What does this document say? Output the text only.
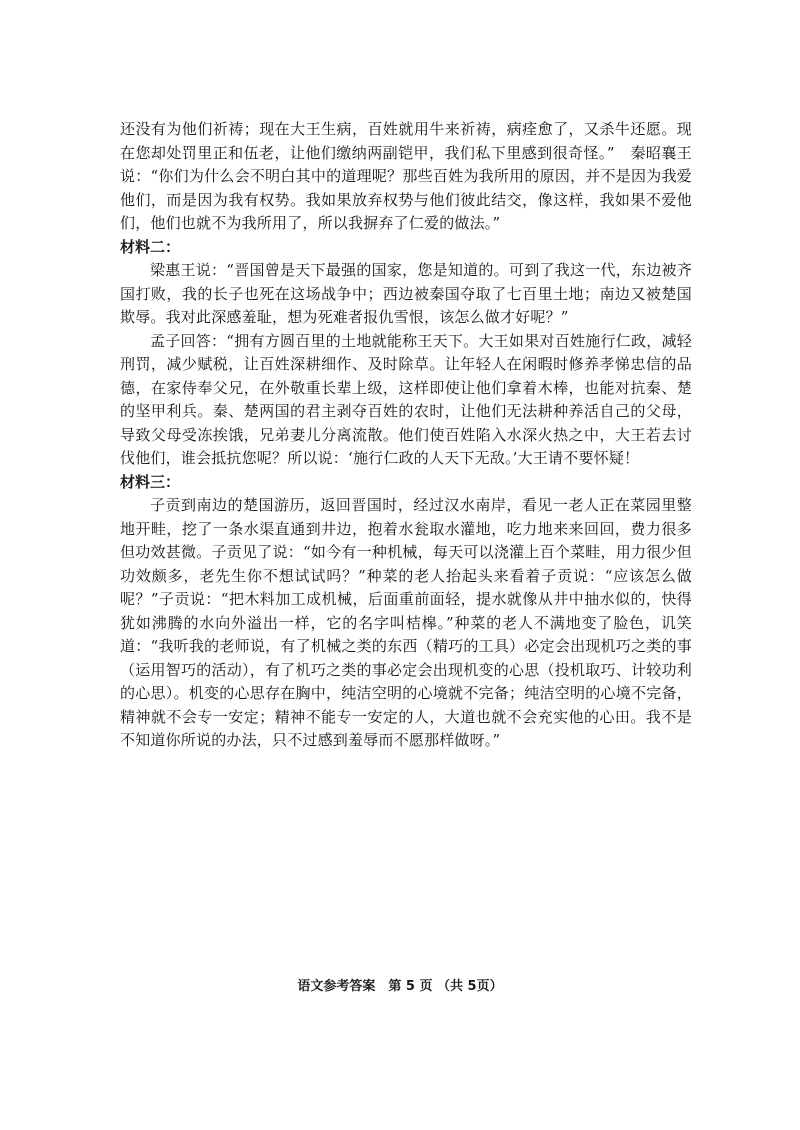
还没有为他们祈祷；现在大王生病，百姓就用牛来祈祷，病痊愈了，又杀牛还愿。现在您却处罚里正和伍老，让他们缴纳两副铠甲，我们私下里感到很奇怪。”　秦昭襄王说：“你们为什么会不明白其中的道理呢？那些百姓为我所用的原因，并不是因为我爱他们，而是因为我有权势。我如果放弃权势与他们彼此结交，像这样，我如果不爱他们，他们也就不为我所用了，所以我摒弃了仁爱的做法。”

材料二：

梁惠王说：“晋国曾是天下最强的国家，您是知道的。可到了我这一代，东边被齐国打败，我的长子也死在这场战争中；西边被秦国夺取了七百里土地；南边又被楚国欺辱。我对此深感羞耻，想为死难者报仇雪恨，该怎么做才好呢？”

孟子回答：“拥有方圆百里的土地就能称王天下。大王如果对百姓施行仁政，减轻刑罚，减少赋税，让百姓深耕细作、及时除草。让年轻人在闲暇时修养孝悌忠信的品德，在家侍奉父兄，在外敬重长辈上级，这样即使让他们拿着木棒，也能对抗秦、楚的坚甲利兵。秦、楚两国的君主剥夺百姓的农时，让他们无法耕种养活自己的父母，导致父母受冻挨饿，兄弟妻儿分离流散。他们使百姓陷入水深火热之中，大王若去讨伐他们，谁会抵抗您呢？所以说：‘施行仁政的人天下无敌。’大王请不要怀疑！

材料三：

子贡到南边的楚国游历，返回晋国时，经过汉水南岸，看见一老人正在菜园里整地开畦，挖了一条水渠直通到井边，抱着水瓮取水灌地，吃力地来来回回，费力很多但功效甚微。子贡见了说：“如今有一种机械，每天可以浇灌上百个菜畦，用力很少但功效颇多，老先生你不想试试吗？”种菜的老人抬起头来看着子贡说：“应该怎么做呢？”子贡说：“把木料加工成机械，后面重前面轻，提水就像从井中抽水似的，快得犹如沸腾的水向外溢出一样，它的名字叫桔槔。”种菜的老人不满地变了脸色，讥笑道：“我听我的老师说，有了机械之类的东西（精巧的工具）必定会出现机巧之类的事（运用智巧的活动），有了机巧之类的事必定会出现机变的心思（投机取巧、计较功利的心思）。机变的心思存在胸中，纯洁空明的心境就不完备；纯洁空明的心境不完备，精神就不会专一安定；精神不能专一安定的人，大道也就不会充实他的心田。我不是不知道你所说的办法，只不过感到羞辱而不愿那样做呀。”

语文参考答案　第 5 页 （共 5页）
